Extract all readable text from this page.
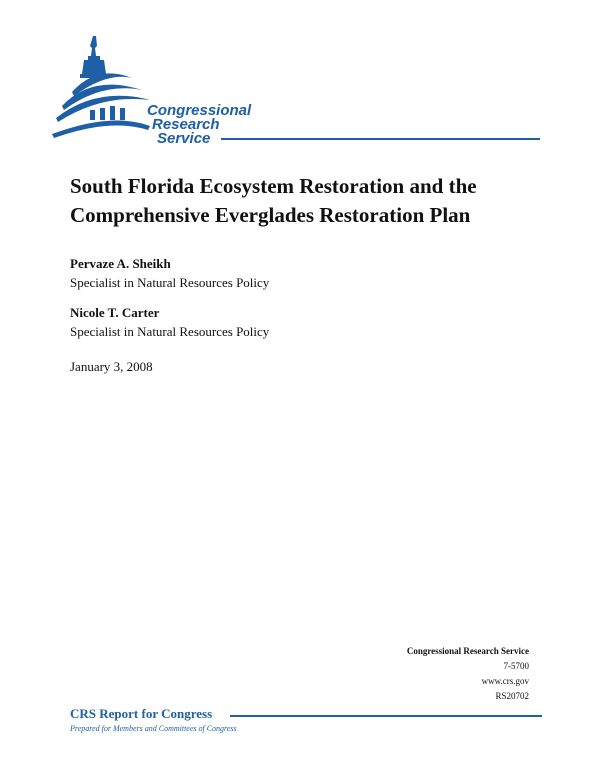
Congressional
Research
Service
South Florida Ecosystem Restoration and the Comprehensive Everglades Restoration Plan
Pervaze A. Sheikh
Specialist in Natural Resources Policy
Nicole T. Carter
Specialist in Natural Resources Policy
January 3, 2008
Congressional Research Service
7-5700
www.crs.gov
RS20702
CRS Report for Congress
Prepared for Members and Committees of Congress
